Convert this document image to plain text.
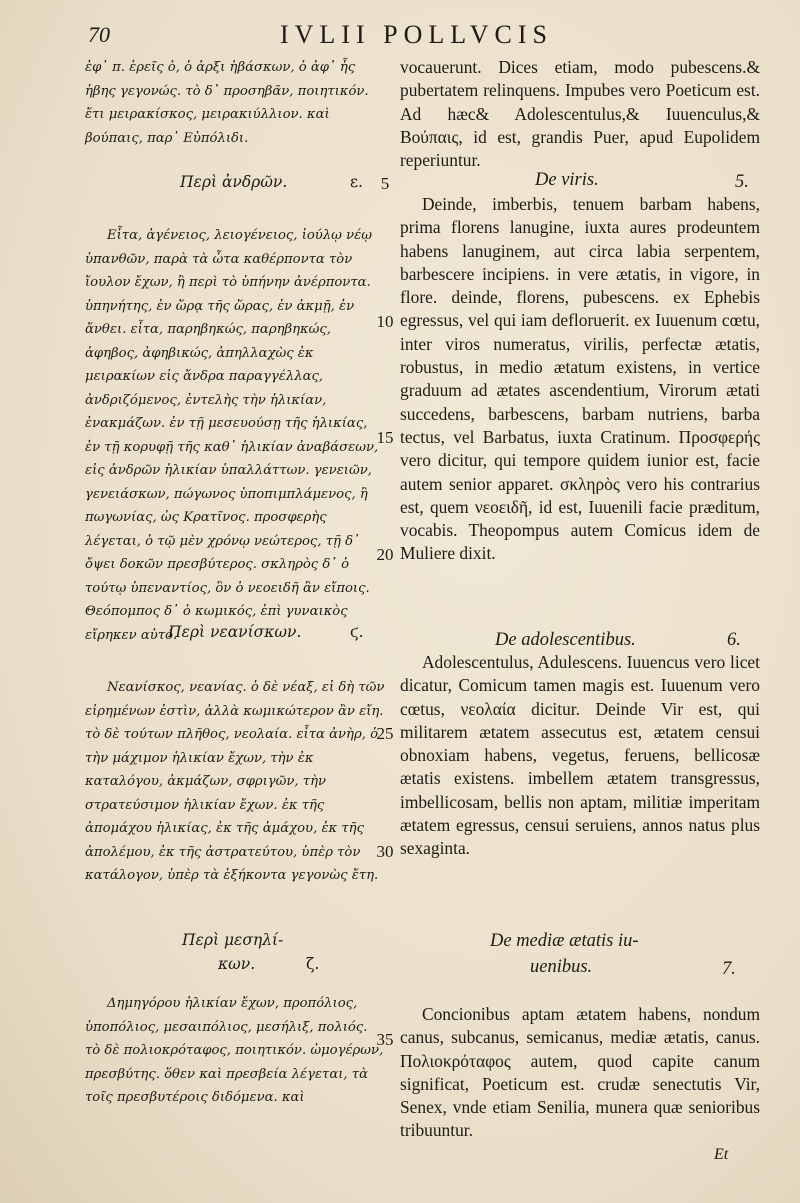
70	IVLII POLLVCIS

ἐφ᾽ π. ἑρεῖς ὁ, ὁ ἀρξι ἡβάσκων, ὁ ἀφ᾽ ἧς ἡβης γεγονώς. τὸ δ᾽ προσηβᾶν, ποιητικόν. ἔτι μειρακίσκος, μειρακιύλλιον. καὶ βούπαις, παρ᾽ Εὐπόλιδι.

vocauerunt. Dices etiam, modo pubescens.& pubertatem relinquens. Impubes vero Poeticum est. Ad hæc& Adolescentulus,& Iuuenculus,& Βούπαις, id est, grandis Puer, apud Eupolidem reperiuntur.

Περὶ ἀνδρῶν.	ε.	De viris.	5.

Εἶτα, ἀγένειος, λειογένειος, ἰούλῳ νέῳ ὑπανθῶν, παρὰ τὰ ὦτα καθέρποντα τὸν ἴουλον ἔχων, ἢ περὶ τὸ ὑπήνην ἀνέρποντα. ὑπηνήτης, ἐν ὥρᾳ τῆς ὥρας, ἐν ἀκμῇ, ἐν ἄνθει. εἶτα, παρηβηκώς, παρηβηκώς, ἀφηβος, ἀφηβικώς, ἀπηλλαχὼς ἐκ μειρακίων εἰς ἄνδρα παραγγέλλας, ἀνδριζόμενος, ἐντελὴς τὴν ἡλικίαν, ἐνακμάζων. ἐν τῇ μεσευούσῃ τῆς ἡλικίας, ἐν τῇ κορυφῇ τῆς καθ᾽ ἡλικίαν ἀναβάσεων, εἰς ἀνδρῶν ἡλικίαν ὑπαλλάττων. γενειῶν, γενειάσκων, πώγωνος ὑποπιμπλάμενος, ἢ πωγωνίας, ὡς Κρατῖνος. προσφερὴς λέγεται, ὁ τῷ μὲν χρόνῳ νεώτερος, τῇ δ᾽ ὄψει δοκῶν πρεσβύτερος. σκληρὸς δ᾽ ὁ τούτῳ ὑπεναντίος, ὃν ὁ νεοειδῆ ἂν εἴποις. Θεόπομπος δ᾽ ὁ κωμικός, ἐπὶ γυναικὸς εἴρηκεν αὐτό.

Deinde, imberbis, tenuem barbam habens, prima florens lanugine, iuxta aures prodeuntem habens lanuginem, aut circa labia serpentem, barbescere incipiens. in vere ætatis, in vigore, in flore. deinde, florens, pubescens. ex Ephebis egressus, vel qui iam defloruerit. ex Iuuenum cœtu, inter viros numeratus, virilis, perfectæ ætatis, robustus, in medio ætatum existens, in vertice graduum ad ætates ascendentium, Virorum ætati succedens, barbescens, barbam nutriens, barba tectus, vel Barbatus, iuxta Cratinum. Προσφερής vero dicitur, qui tempore quidem iunior est, facie autem senior apparet. σκληρὸς vero his contrarius est, quem νεοειδῆ, id est, Iuuenili facie præditum, vocabis. Theopompus autem Comicus idem de Muliere dixit.

Περὶ νεανίσκων.	ϛ.	De adolescentibus.	6.

Νεανίσκος, νεανίας. ὁ δὲ νέαξ, εἰ δὴ τῶν εἰρημένων ἐστὶν, ἀλλὰ κωμικώτερον ἂν εἴη. τὸ δὲ τούτων πλῆθος, νεολαία. εἶτα ἀνὴρ, ὁ τὴν μάχιμον ἡλικίαν ἔχων, τὴν ἐκ καταλόγου, ἀκμάζων, σφριγῶν, τὴν στρατεύσιμον ἡλικίαν ἔχων. ἐκ τῆς ἀπομάχου ἡλικίας, ἐκ τῆς ἀμάχου, ἐκ τῆς ἀπολέμου, ἐκ τῆς ἀστρατεύτου, ὑπὲρ τὸν κατάλογον, ὑπὲρ τὰ ἑξήκοντα γεγονὼς ἔτη.

Adolescentulus, Adulescens. Iuuencus vero licet dicatur, Comicum tamen magis est. Iuuenum vero cœtus, νεολαία dicitur. Deinde Vir est, qui militarem ætatem assecutus est, ætatem censui obnoxiam habens, vegetus, feruens, bellicosæ ætatis existens. imbellem ætatem transgressus, imbellicosam, bellis non aptam, militiæ imperitam ætatem egressus, censui seruiens, annos natus plus sexaginta.

Περὶ μεσηλί-
κων.	ζ.
De mediæ ætatis iu-
uenibus.	7.

Δημηγόρου ἡλικίαν ἔχων, προπόλιος, ὑποπόλιος, μεσαιπόλιος, μεσήλιξ, πολιός. τὸ δὲ πολιοκρόταφος, ποιητικόν. ὠμογέρων, πρεσβύτης. ὅθεν καὶ πρεσβεία λέγεται, τὰ τοῖς πρεσβυτέροις διδόμενα. καὶ

Concionibus aptam ætatem habens, nondum canus, subcanus, semicanus, mediæ ætatis, canus. Πολιοκρόταφος autem, quod capite canum significat, Poeticum est. crudæ senectutis Vir, Senex, vnde etiam Senilia, munera quæ senioribus tribuuntur.

5
10
15
20
25
30
35
Et
